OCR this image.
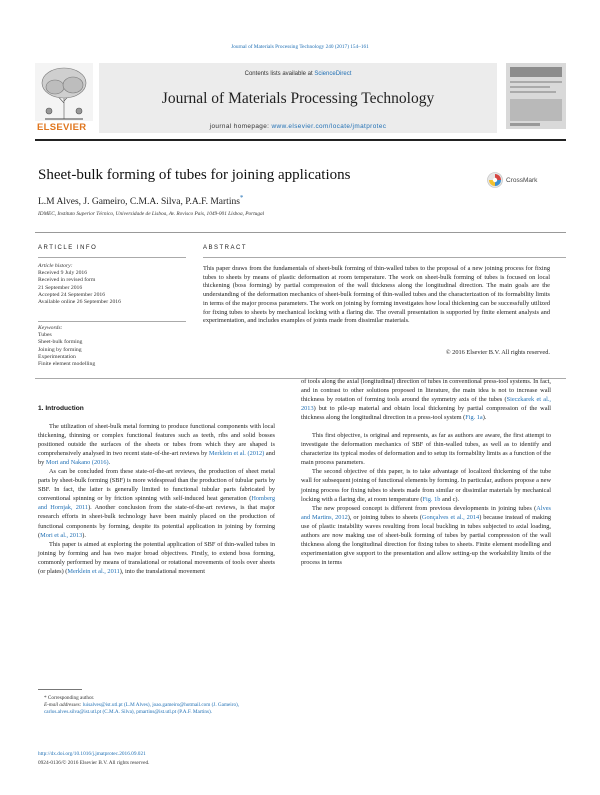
Journal of Materials Processing Technology 240 (2017) 154–161
ELSEVIER
Contents lists available at ScienceDirect
Journal of Materials Processing Technology
journal homepage: www.elsevier.com/locate/jmatprotec
Sheet-bulk forming of tubes for joining applications	CrossMark
L.M Alves, J. Gameiro, C.M.A. Silva, P.A.F. Martins*
IDMEC, Instituto Superior Técnico, Universidade de Lisboa, Av. Rovisco Pais, 1049-001 Lisboa, Portugal
ARTICLE INFO
Article history:
Received 9 July 2016
Received in revised form
21 September 2016
Accepted 24 September 2016
Available online 26 September 2016
Keywords:
Tubes
Sheet-bulk forming
Joining by forming
Experimentation
Finite element modelling
ABSTRACT
This paper draws from the fundamentals of sheet-bulk forming of thin-walled tubes to the proposal of a new joining process for fixing tubes to sheets by means of plastic deformation at room temperature. The work on sheet-bulk forming of tubes is focused on local thickening (boss forming) by partial compression of the wall thickness along the longitudinal direction. The main goals are the understanding of the deformation mechanics of sheet-bulk forming of thin-walled tubes and the characterization of its formability limits in terms of the major process parameters. The work on joining by forming investigates how local thickening can be successfully utilized for fixing tubes to sheets by mechanical locking with a flaring die. The overall presentation is supported by finite element analysis and experimentation, and includes examples of joints made from dissimilar materials.
© 2016 Elsevier B.V. All rights reserved.
1. Introduction

The utilization of sheet-bulk metal forming to produce functional components with local thickening, thinning or complex functional features such as teeth, ribs and solid bosses positioned outside the surfaces of the sheets or tubes from which they are shaped is comprehensively analysed in two recent state-of-the-art reviews by Merklein et al. (2012) and by Mori and Nakano (2016).

As can be concluded from these state-of-the-art reviews, the production of sheet metal parts by sheet-bulk forming (SBF) is more widespread than the production of tubular parts by SBF. In fact, the latter is generally limited to functional tubular parts fabricated by conventional spinning or by friction spinning with self-induced heat generation (Homberg and Hornjak, 2011). Another conclusion from the state-of-the-art reviews, is that major research efforts in sheet-bulk technology have been mainly placed on the production of functional components by forming, despite its potential application in joining by forming (Mori et al., 2013).

This paper is aimed at exploring the potential application of SBF of thin-walled tubes in joining by forming and has two major broad objectives. Firstly, to extend boss forming, commonly performed by means of translational or rotational movements of tools over sheets (or plates) (Merklein et al., 2011), into the translational movement

of tools along the axial (longitudinal) direction of tubes in conventional press-tool systems. In fact, and in contrast to other solutions proposed in literature, the main idea is not to increase wall thickness by rotation of forming tools around the symmetry axis of the tubes (Sieczkarek et al., 2013) but to pile-up material and obtain local thickening by partial compression of the wall thickness along the longitudinal direction in a press-tool system (Fig. 1a).

This first objective, is original and represents, as far as authors are aware, the first attempt to investigate the deformation mechanics of SBF of thin-walled tubes, as well as to identify and characterize its typical modes of deformation and to setup its formability limits as a function of the main process parameters.

The second objective of this paper, is to take advantage of localized thickening of the tube wall for subsequent joining of functional elements by forming. In particular, authors propose a new joining process for fixing tubes to sheets made from similar or dissimilar materials by mechanical locking with a flaring die, at room temperature (Fig. 1b and c).

The new proposed concept is different from previous developments in joining tubes (Alves and Martins, 2012), or joining tubes to sheets (Gonçalves et al., 2014) because instead of making use of plastic instability waves resulting from local buckling in tubes subjected to axial loading, authors are now making use of sheet-bulk forming of tubes by partial compression of the wall thickness along the longitudinal direction for fixing tubes to sheets. Finite element modelling and experimentation give support to the presentation and allow setting-up the workability limits of the process in terms

* Corresponding author.
E-mail addresses: luisalves@ist.utl.pt (L.M Alves), joao.gameiro@hotmail.com (J. Gameiro), carlos.alves.silva@ist.utl.pt (C.M.A. Silva), pmartins@ist.utl.pt (P.A.F. Martins).
http://dx.doi.org/10.1016/j.jmatprotec.2016.09.021
0924-0136/© 2016 Elsevier B.V. All rights reserved.
